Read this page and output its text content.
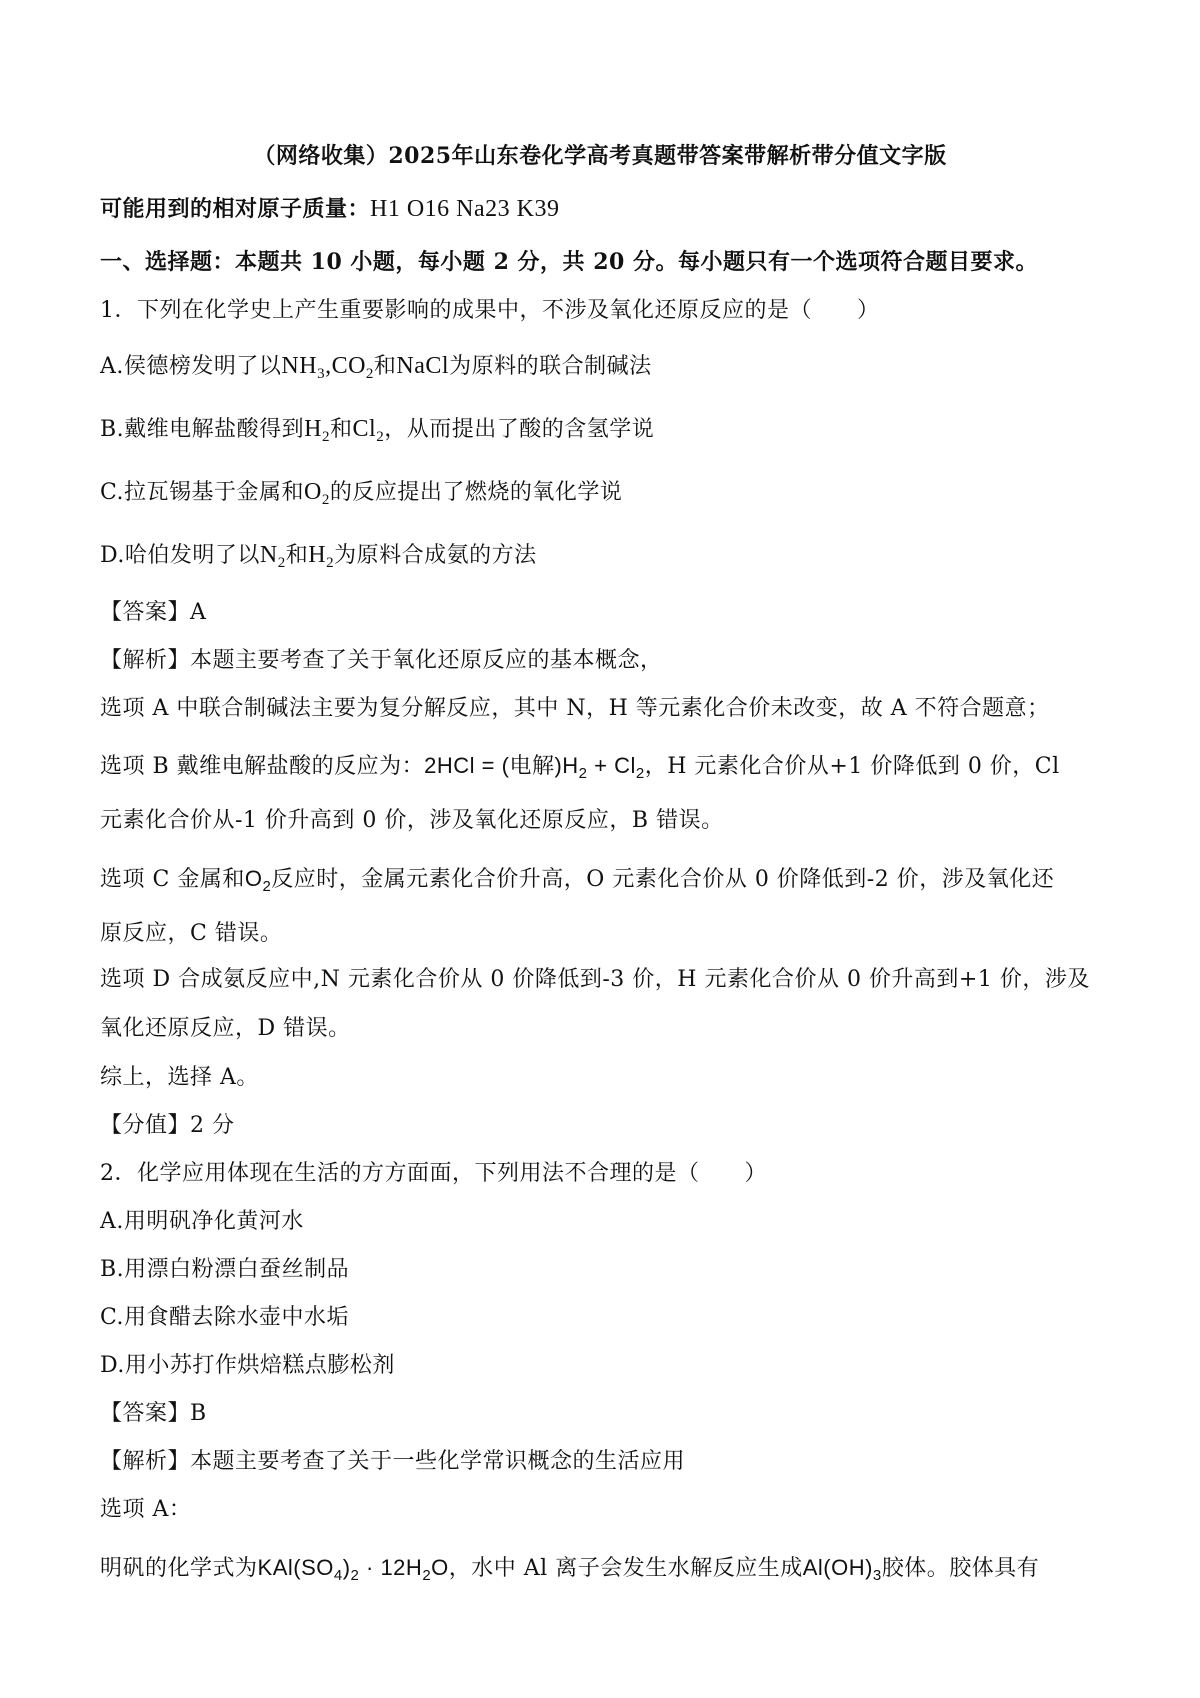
（网络收集）2025年山东卷化学高考真题带答案带解析带分值文字版
可能用到的相对原子质量：H1 O16 Na23 K39
一、选择题：本题共 10 小题，每小题 2 分，共 20 分。每小题只有一个选项符合题目要求。
1．下列在化学史上产生重要影响的成果中，不涉及氧化还原反应的是（　　）
A.侯德榜发明了以$NH_3,CO_2$和NaCl为原料的联合制碱法
B.戴维电解盐酸得到$H_2$和$Cl_2$，从而提出了酸的含氢学说
C.拉瓦锡基于金属和$O_2$的反应提出了燃烧的氧化学说
D.哈伯发明了以$N_2$和$H_2$为原料合成氨的方法
【答案】A
【解析】本题主要考查了关于氧化还原反应的基本概念，
选项 A 中联合制碱法主要为复分解反应，其中 N，H 等元素化合价未改变，故 A 不符合题意；
选项 B 戴维电解盐酸的反应为：2HCl = (电解)$H_2 + Cl_2$，H 元素化合价从+1 价降低到 0 价，Cl
元素化合价从-1 价升高到 0 价，涉及氧化还原反应，B 错误。
选项 C 金属和$O_2$反应时，金属元素化合价升高，O 元素化合价从 0 价降低到-2 价，涉及氧化还
原反应，C 错误。
选项 D 合成氨反应中,N 元素化合价从 0 价降低到-3 价，H 元素化合价从 0 价升高到+1 价，涉及
氧化还原反应，D 错误。
综上，选择 A。
【分值】2 分
2．化学应用体现在生活的方方面面，下列用法不合理的是（　　）
A.用明矾净化黄河水
B.用漂白粉漂白蚕丝制品
C.用食醋去除水壶中水垢
D.用小苏打作烘焙糕点膨松剂
【答案】B
【解析】本题主要考查了关于一些化学常识概念的生活应用
选项 A：
明矾的化学式为$KAl(SO_4)_2 \cdot 12H_2O$，水中 Al 离子会发生水解反应生成$Al(OH)_3$胶体。胶体具有
